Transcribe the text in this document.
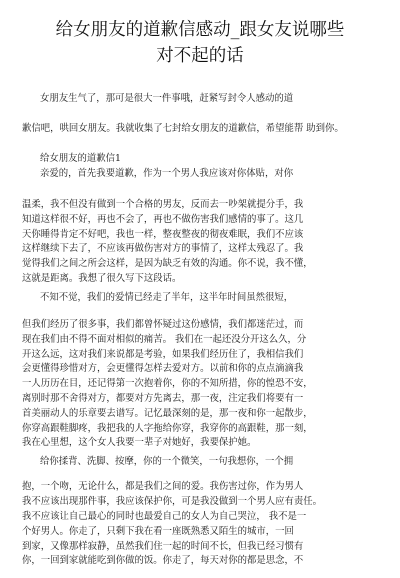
给女朋友的道歉信感动_跟女友说哪些
对不起的话
女朋友生气了，那可是很大一件事哦，赶紧写封令人感动的道
歉信吧，哄回女朋友。我就收集了七封给女朋友的道歉信，希望能帮 助到你。
给女朋友的道歉信1
亲爱的，首先我要道歉，作为一个男人我应该对你体贴，对你
温柔，我不但没有做到一个合格的男友，反而去一吵架就提分手，我
知道这样很不好，再也不会了，再也不做伤害我们感情的事了。这几
天你睡得肯定不好吧，我也一样，整夜整夜的彻夜难眠，我们不应该
这样继续下去了，不应该再做伤害对方的事情了，这样太残忍了。我
觉得我们之间之所会这样，是因为缺乏有效的沟通。你不说，我不懂，
这就是距离。我想了很久写下这段话。
不知不觉，我们的爱情已经走了半年，这半年时间虽然很短，
但我们经历了很多事，我们都曾怀疑过这份感情，我们都迷茫过，而
现在我们由不得不面对相似的痛苦。 我们在一起还没分开这么久，分
开这么远，这对我们来说都是考验，如果我们经历住了，我相信我们
会更懂得珍惜对方，会更懂得怎样去爱对方。以前和你的点点滴滴我
一人历历在目，还记得第一次抱着你，你的不知所措，你的惶恐不安，
离别时那不舍得对方，都要对方先离去，那一夜，注定我们将要有一
首美丽动人的乐章要去谱写。记忆最深刻的是，那一夜和你一起散步，
你穿高跟鞋脚疼，我把我的人字拖给你穿，我穿你的高跟鞋，那一刻，
我在心里想，这个女人我要一辈子对她好，我要保护她。
给你揉背、洗脚、按摩，你的一个微笑，一句我想你，一个拥
抱，一个吻，无论什么，都是我们之间的爱。我伤害过你，作为男人
我不应该出现那件事，我应该保护你，可是我没做到一个男人应有责任。
我不应该让自己最心的同时也最爱自己的女人为自己哭泣， 我不是一
个好男人。你走了，只剩下我在看一座既熟悉又陌生的城市，一回
到家，又像那样寂静，虽然我们住一起的时间不长，但我已经习惯有
你，一回到家就能吃到你做的饭。你走了，每天对你的都是思念，不
